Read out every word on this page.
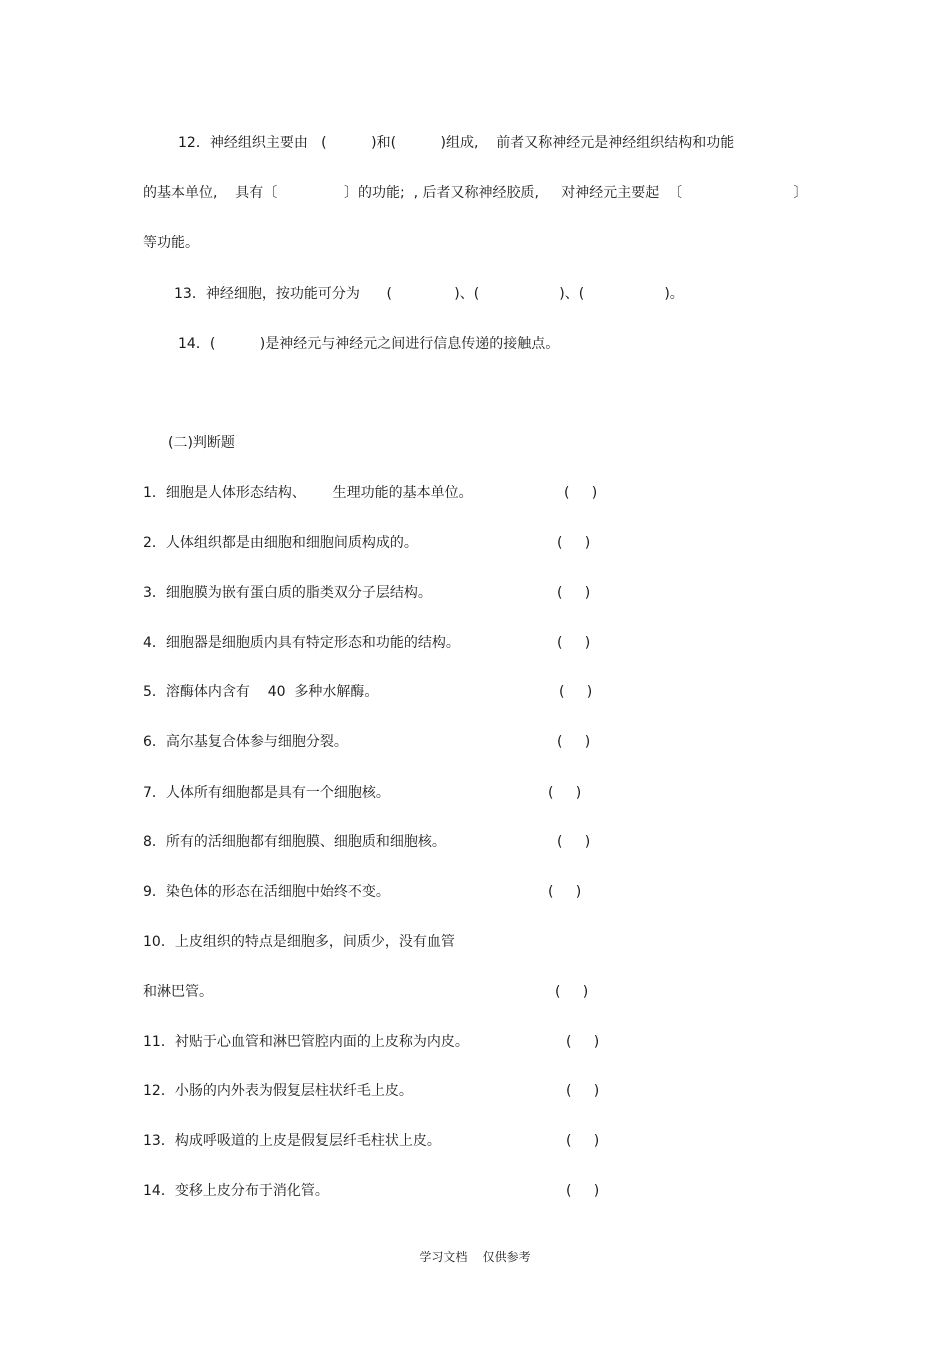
12．神经组织主要由   (          )和(          )组成,    前者又称神经元是神经组织结构和功能
的基本单位,    具有〔               〕的功能;  , 后者又称神经胶质,     对神经元主要起  〔                         〕
等功能。
13．神经细胞，按功能可分为      (              )、(                  )、(                  )。
14．(          )是神经元与神经元之间进行信息传递的接触点。
(二)判断题
1．细胞是人体形态结构、      生理功能的基本单位。	(     )
2．人体组织都是由细胞和细胞间质构成的。	(     )
3．细胞膜为嵌有蛋白质的脂类双分子层结构。	(     )
4．细胞器是细胞质内具有特定形态和功能的结构。	(     )
5．溶酶体内含有    40  多种水解酶。	(     )
6．高尔基复合体参与细胞分裂。	(     )
7．人体所有细胞都是具有一个细胞核。	(     )
8．所有的活细胞都有细胞膜、细胞质和细胞核。	(     )
9．染色体的形态在活细胞中始终不变。	(     )
10．上皮组织的特点是细胞多，间质少，没有血管
和淋巴管。	(     )
11．衬贴于心血管和淋巴管腔内面的上皮称为内皮。	(     )
12．小肠的内外表为假复层柱状纤毛上皮。	(     )
13．构成呼吸道的上皮是假复层纤毛柱状上皮。	(     )
14．变移上皮分布于消化管。	(     )
学习文档    仅供参考
